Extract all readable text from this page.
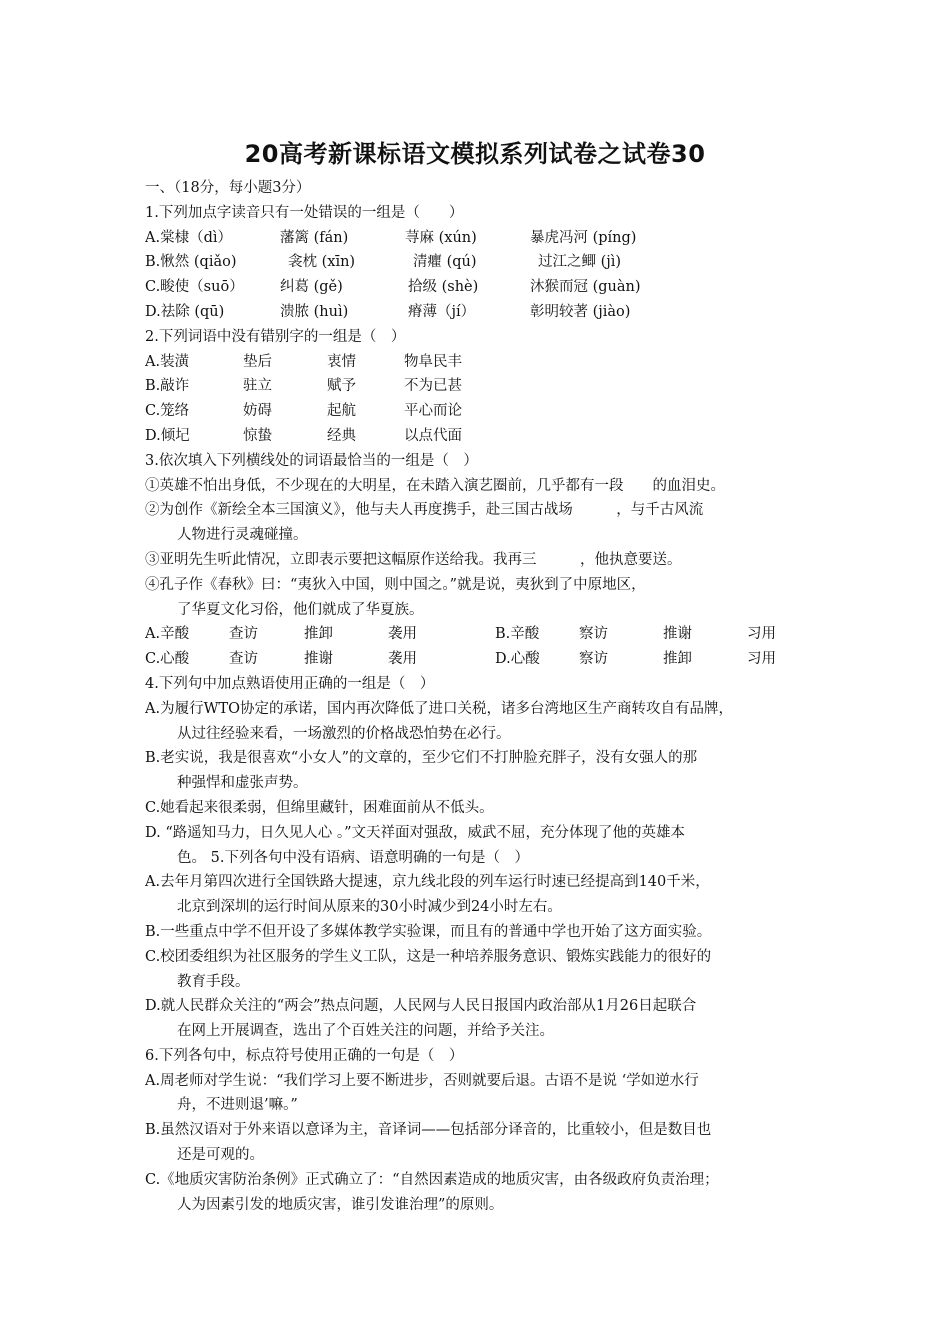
20高考新课标语文模拟系列试卷之试卷30
一、（18分，每小题3分）
1.下列加点字读音只有一处错误的一组是（　　）
A.棠棣（dì）	藩篱 (fán)	荨麻 (xún)	暴虎冯河 (píng)
B.愀然 (qiǎo)	衾枕 (xīn)	清癯 (qú)	过江之鲫 (jì)
C.畯使（suō）	纠葛 (gě)	拾级 (shè)	沐猴而冠 (guàn)
D.祛除 (qū)	溃脓 (huì)	瘠薄（jí）	彰明较著 (jiào)
2.下列词语中没有错别字的一组是（　）
A.装潢	垫后	衷情	物阜民丰
B.敲诈	驻立	赋予	不为已甚
C.笼络	妨碍	起航	平心而论
D.倾圮	惊蛰	经典	以点代面
3.依次填入下列横线处的词语最恰当的一组是（　）
①英雄不怕出身低，不少现在的大明星，在未踏入演艺圈前，几乎都有一段　　的血泪史。
②为创作《新绘全本三国演义》，他与夫人再度携手，赴三国古战场　　　，与千古风流
人物进行灵魂碰撞。
③亚明先生听此情况，立即表示要把这幅原作送给我。我再三　　　，他执意要送。
④孔子作《春秋》曰：“夷狄入中国，则中国之。”就是说，夷狄到了中原地区，
了华夏文化习俗，他们就成了华夏族。
A.辛酸	查访	推卸	袭用	B.辛酸	察访	推谢	习用
C.心酸	查访	推谢	袭用	D.心酸	察访	推卸	习用
4.下列句中加点熟语使用正确的一组是（　）
A.为履行WTO协定的承诺，国内再次降低了进口关税，诸多台湾地区生产商转攻自有品牌，
从过往经验来看，一场激烈的价格战恐怕势在必行。
B.老实说，我是很喜欢“小女人”的文章的，至少它们不打肿脸充胖子，没有女强人的那
种强悍和虚张声势。
C.她看起来很柔弱，但绵里藏针，困难面前从不低头。
D. “路遥知马力，日久见人心 。”文天祥面对强敌，威武不屈，充分体现了他的英雄本
色。 5.下列各句中没有语病、语意明确的一句是（　）
A.去年月第四次进行全国铁路大提速，京九线北段的列车运行时速已经提高到140千米，
北京到深圳的运行时间从原来的30小时减少到24小时左右。
B.一些重点中学不但开设了多媒体教学实验课，而且有的普通中学也开始了这方面实验。
C.校团委组织为社区服务的学生义工队，这是一种培养服务意识、锻炼实践能力的很好的
教育手段。
D.就人民群众关注的“两会”热点问题，人民网与人民日报国内政治部从1月26日起联合
在网上开展调查，选出了个百姓关注的问题，并给予关注。
6.下列各句中，标点符号使用正确的一句是（　）
A.周老师对学生说：“我们学习上要不断进步，否则就要后退。古语不是说 ‘学如逆水行
舟，不进则退’嘛。”
B.虽然汉语对于外来语以意译为主，音译词——包括部分译音的，比重较小，但是数目也
还是可观的。
C.《地质灾害防治条例》正式确立了：“自然因素造成的地质灾害，由各级政府负责治理；
人为因素引发的地质灾害，谁引发谁治理”的原则。
